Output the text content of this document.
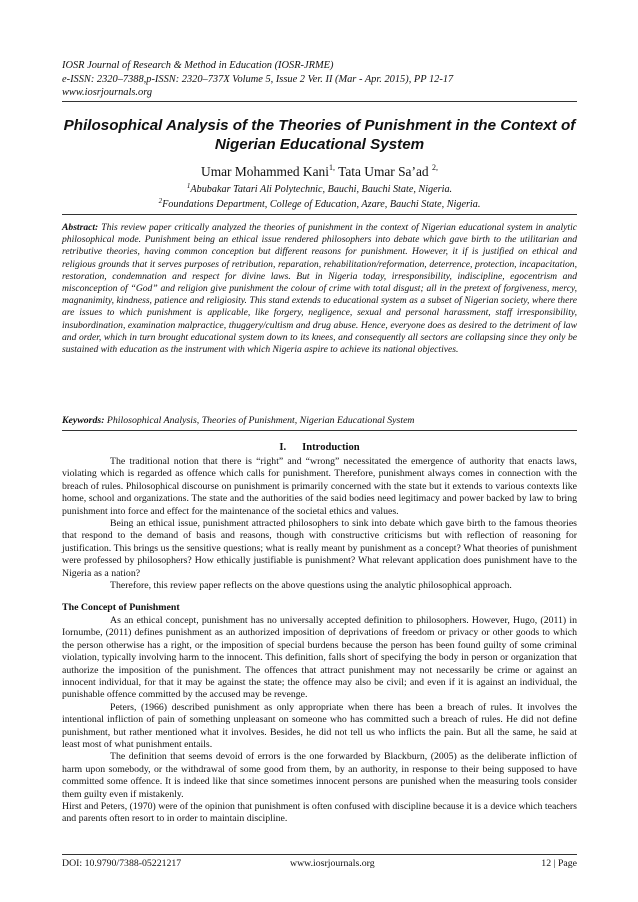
IOSR Journal of Research & Method in Education (IOSR-JRME)
e-ISSN: 2320–7388,p-ISSN: 2320–737X Volume 5, Issue 2 Ver. II (Mar - Apr. 2015), PP 12-17
www.iosrjournals.org
Philosophical Analysis of the Theories of Punishment in the Context of Nigerian Educational System
Umar Mohammed Kani$^{1,}$ Tata Umar Sa’ad $^{2,}$
$^1$Abubakar Tatari Ali Polytechnic, Bauchi, Bauchi State, Nigeria.
$^2$Foundations Department, College of Education, Azare, Bauchi State, Nigeria.
Abstract: This review paper critically analyzed the theories of punishment in the context of Nigerian educational system in analytic philosophical mode. Punishment being an ethical issue rendered philosophers into debate which gave birth to the utilitarian and retributive theories, having common conception but different reasons for punishment. However, it if is justified on ethical and religious grounds that it serves purposes of retribution, reparation, rehabilitation/reformation, deterrence, protection, incapacitation, restoration, condemnation and respect for divine laws. But in Nigeria today, irresponsibility, indiscipline, egocentrism and misconception of “God” and religion give punishment the colour of crime with total disgust; all in the pretext of forgiveness, mercy, magnanimity, kindness, patience and religiosity. This stand extends to educational system as a subset of Nigerian society, where there are issues to which punishment is applicable, like forgery, negligence, sexual and personal harassment, staff irresponsibility, insubordination, examination malpractice, thuggery/cultism and drug abuse. Hence, everyone does as desired to the detriment of law and order, which in turn brought educational system down to its knees, and consequently all sectors are collapsing since they only be sustained with education as the instrument with which Nigeria aspire to achieve its national objectives.
Keywords: Philosophical Analysis, Theories of Punishment, Nigerian Educational System
I. Introduction

The traditional notion that there is “right” and “wrong” necessitated the emergence of authority that enacts laws, violating which is regarded as offence which calls for punishment. Therefore, punishment always comes in connection with the breach of rules. Philosophical discourse on punishment is primarily concerned with the state but it extends to various contexts like home, school and organizations. The state and the authorities of the said bodies need legitimacy and power backed by law to bring punishment into force and effect for the maintenance of the societal ethics and values.

Being an ethical issue, punishment attracted philosophers to sink into debate which gave birth to the famous theories that respond to the demand of basis and reasons, though with constructive criticisms but with reflection of reasoning for justification. This brings us the sensitive questions; what is really meant by punishment as a concept? What theories of punishment were professed by philosophers? How ethically justifiable is punishment? What relevant application does punishment have to the Nigeria as a nation?

Therefore, this review paper reflects on the above questions using the analytic philosophical approach.

The Concept of Punishment

As an ethical concept, punishment has no universally accepted definition to philosophers. However, Hugo, (2011) in Iornumbe, (2011) defines punishment as an authorized imposition of deprivations of freedom or privacy or other goods to which the person otherwise has a right, or the imposition of special burdens because the person has been found guilty of some criminal violation, typically involving harm to the innocent. This definition, falls short of specifying the body in person or organization that authorize the imposition of the punishment. The offences that attract punishment may not necessarily be crime or against an innocent individual, for that it may be against the state; the offence may also be civil; and even if it is against an individual, the punishable offence committed by the accused may be revenge.

Peters, (1966) described punishment as only appropriate when there has been a breach of rules. It involves the intentional infliction of pain of something unpleasant on someone who has committed such a breach of rules. He did not define punishment, but rather mentioned what it involves. Besides, he did not tell us who inflicts the pain. But all the same, he said at least most of what punishment entails.

The definition that seems devoid of errors is the one forwarded by Blackburn, (2005) as the deliberate infliction of harm upon somebody, or the withdrawal of some good from them, by an authority, in response to their being supposed to have committed some offence. It is indeed like that since sometimes innocent persons are punished when the measuring tools consider them guilty even if mistakenly.

Hirst and Peters, (1970) were of the opinion that punishment is often confused with discipline because it is a device which teachers and parents often resort to in order to maintain discipline.

DOI: 10.9790/7388-05221217	www.iosrjournals.org	12 | Page
